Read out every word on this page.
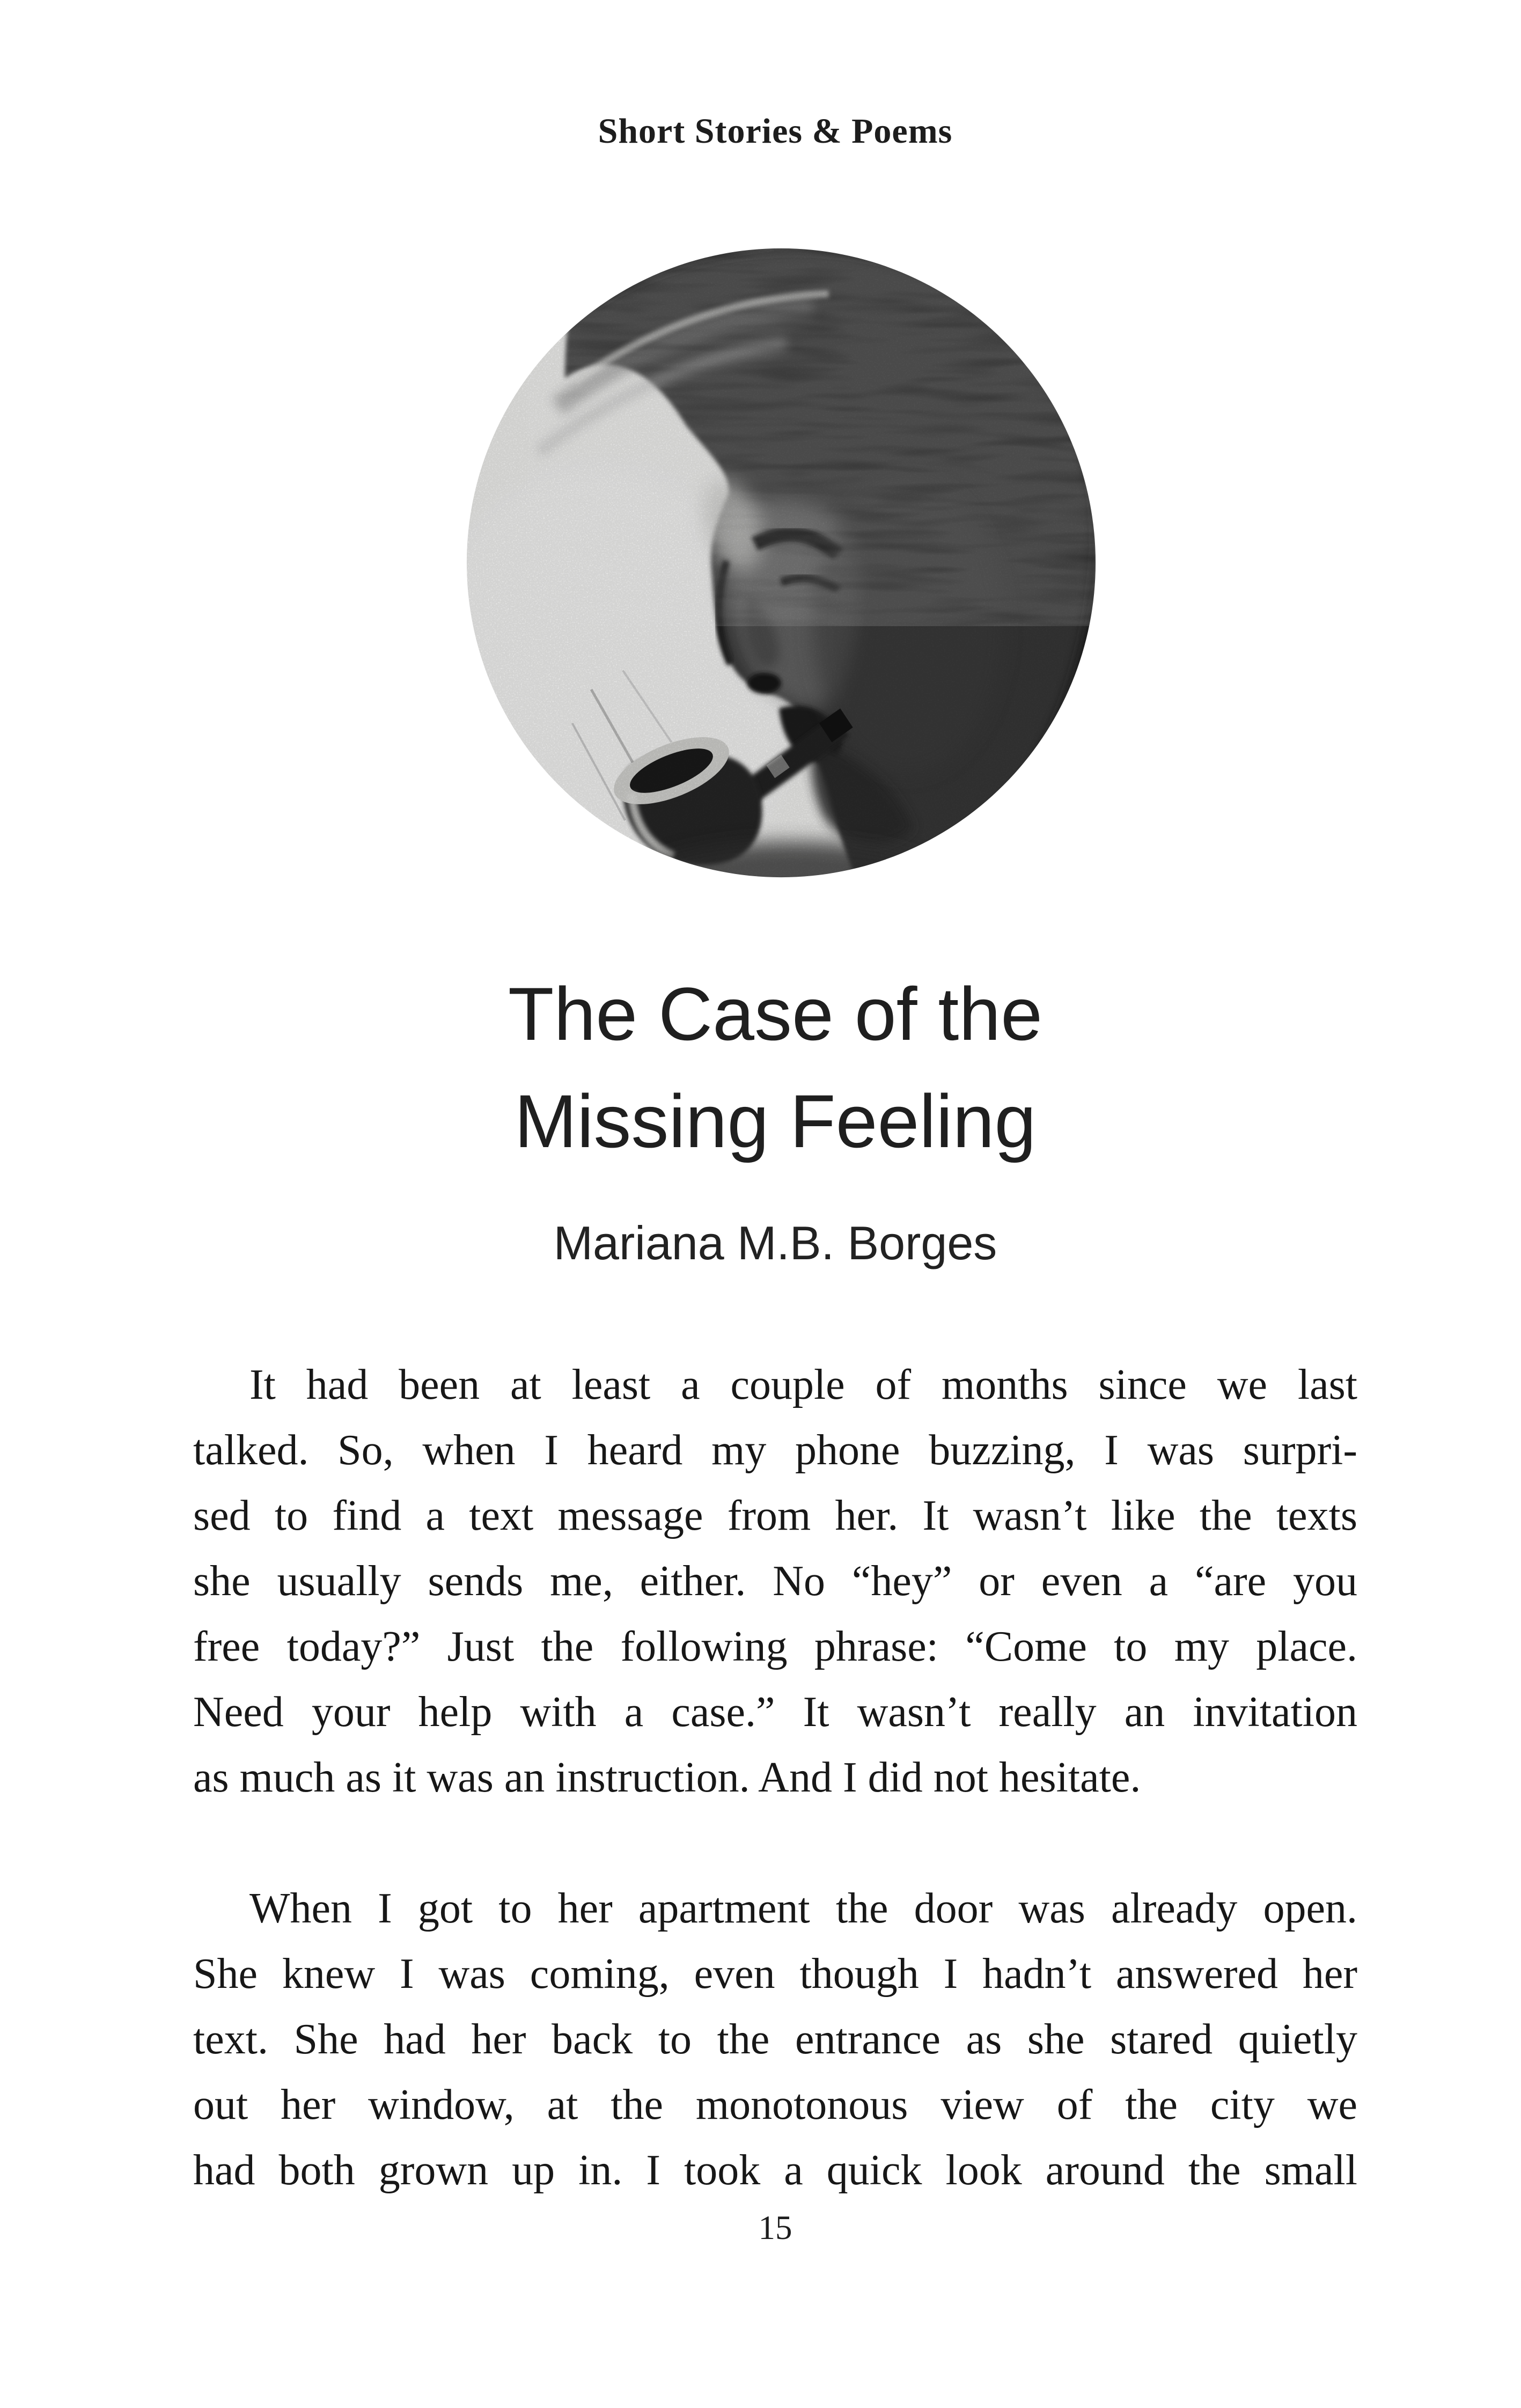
Short Stories & Poems
The Case of the
Missing Feeling
Mariana M.B. Borges
It had been at least a couple of months since we last
talked. So, when I heard my phone buzzing, I was surpri-
sed to find a text message from her. It wasn’t like the texts
she usually sends me, either. No “hey” or even a “are you
free today?” Just the following phrase: “Come to my place.
Need your help with a case.” It wasn’t really an invitation
as much as it was an instruction. And I did not hesitate.
When I got to her apartment the door was already open.
She knew I was coming, even though I hadn’t answered her
text. She had her back to the entrance as she stared quietly
out her window, at the monotonous view of the city we
had both grown up in. I took a quick look around the small
15
